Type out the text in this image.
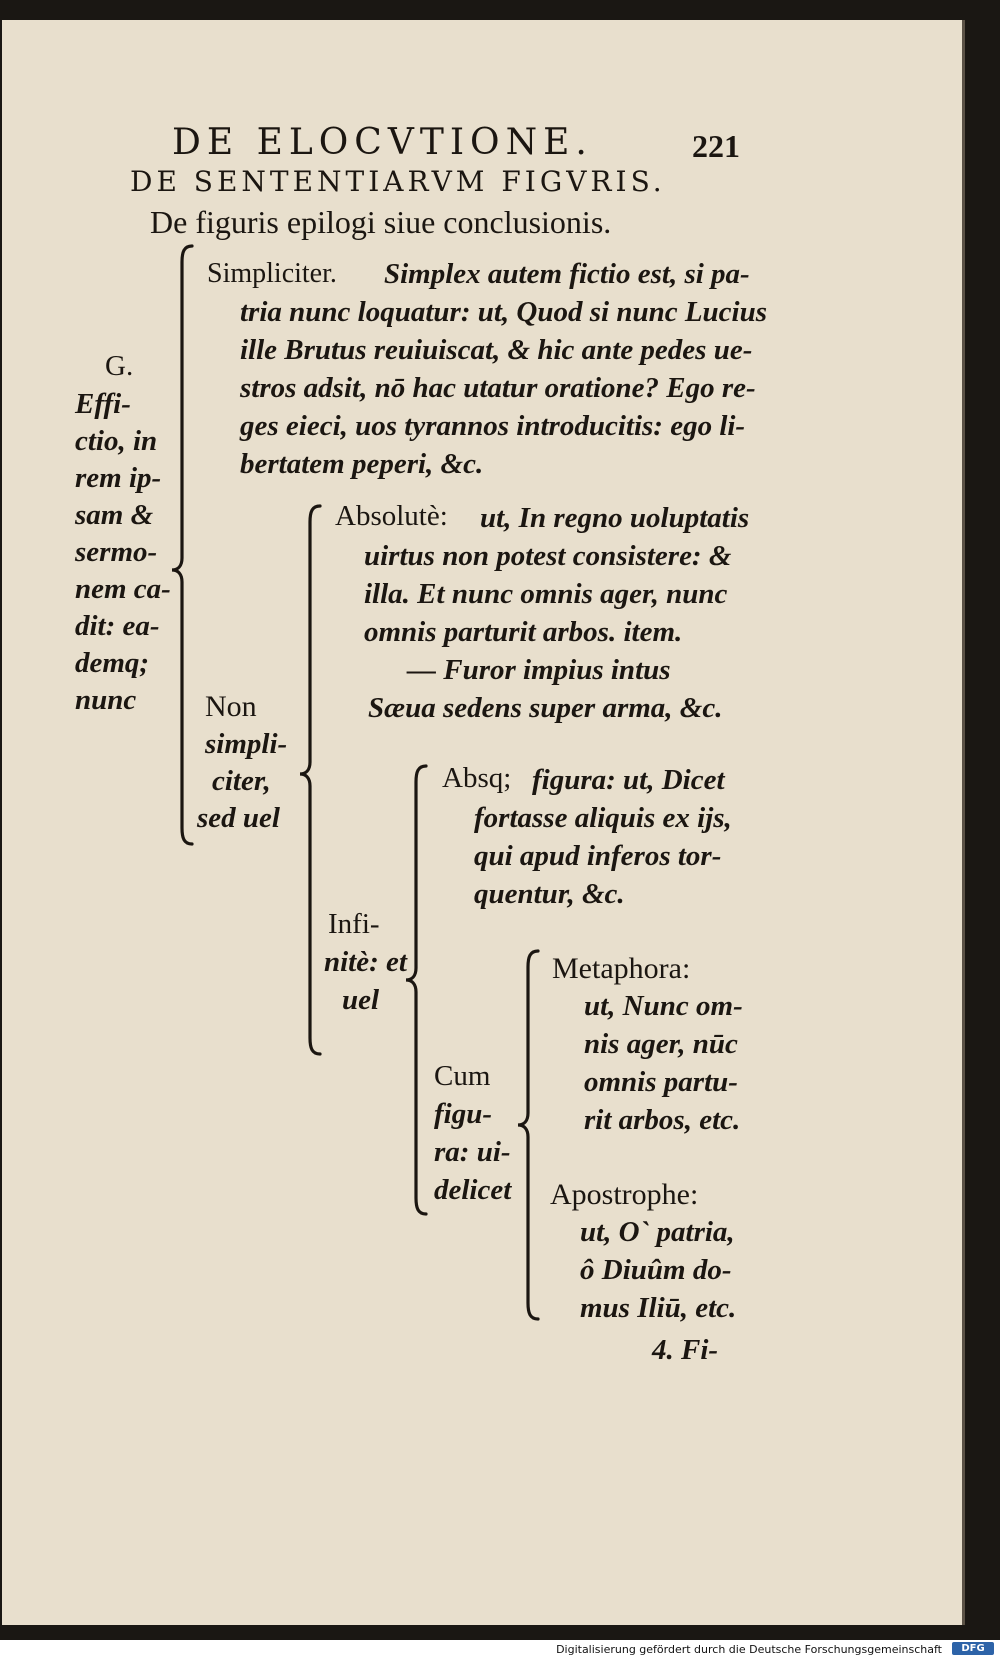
DE ELOCVTIONE.	221
DE SENTENTIARVM FIGVRIS.
De figuris epilogi siue conclusionis.
G.
Effi-
ctio, in
rem ip-
sam &
sermo-
nem ca-
dit: ea-
demq;
nunc
Simpliciter. Simplex autem fictio est, si pa-
tria nunc loquatur: ut, Quod si nunc Lucius
ille Brutus reuiuiscat, & hic ante pedes ue-
stros adsit, nō hac utatur oratione? Ego re-
ges eieci, uos tyrannos introducitis: ego li-
bertatem peperi, &c.
Non
simpli-
citer,
sed uel
Absolutè: ut, In regno uoluptatis
uirtus non potest consistere: &
illa. Et nunc omnis ager, nunc
omnis parturit arbos. item.
— Furor impius intus
Sæua sedens super arma, &c.
Infi-
nitè: et
uel
Absq; figura: ut, Dicet
fortasse aliquis ex ijs,
qui apud inferos tor-
quentur, &c.
Cum
figu-
ra: ui-
delicet
Metaphora:
ut, Nunc om-
nis ager, nūc
omnis partu-
rit arbos, etc.
Apostrophe:
ut, O` patria,
ô Diuûm do-
mus Iliū, etc.
4. Fi-
Digitalisierung gefördert durch die Deutsche Forschungsgemeinschaft	DFG
